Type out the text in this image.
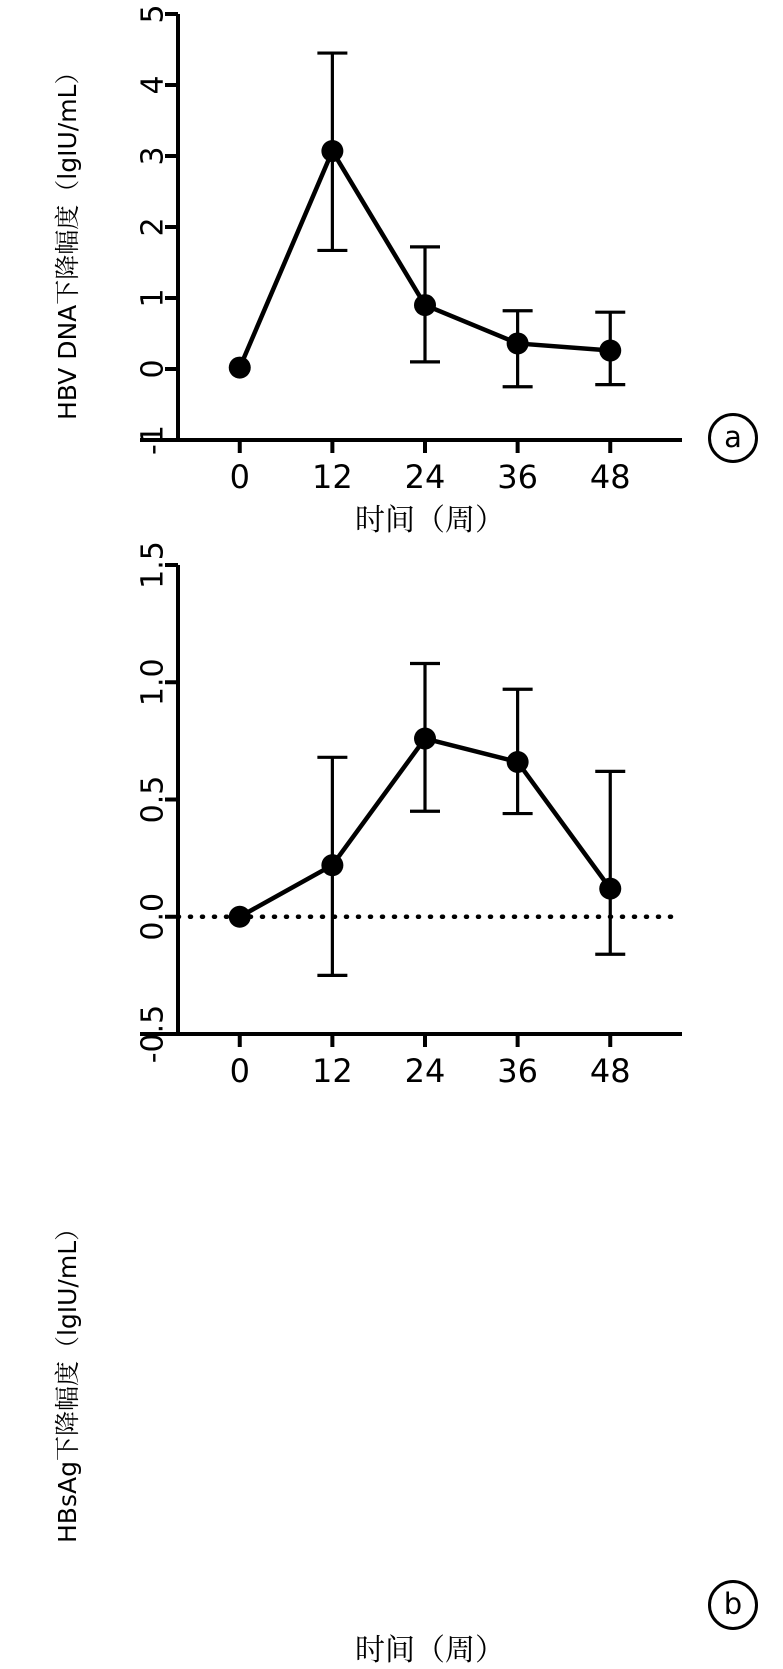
-1
0
1
2
3
4
5
0 12 24 36 48
HBV DNA下降幅度（lgIU/mL）
时间（周）
a
-0.5
0.0
0.5
1.0
1.5
0 12 24 36 48
HBsAg下降幅度（lgIU/mL）
时间（周）
b
